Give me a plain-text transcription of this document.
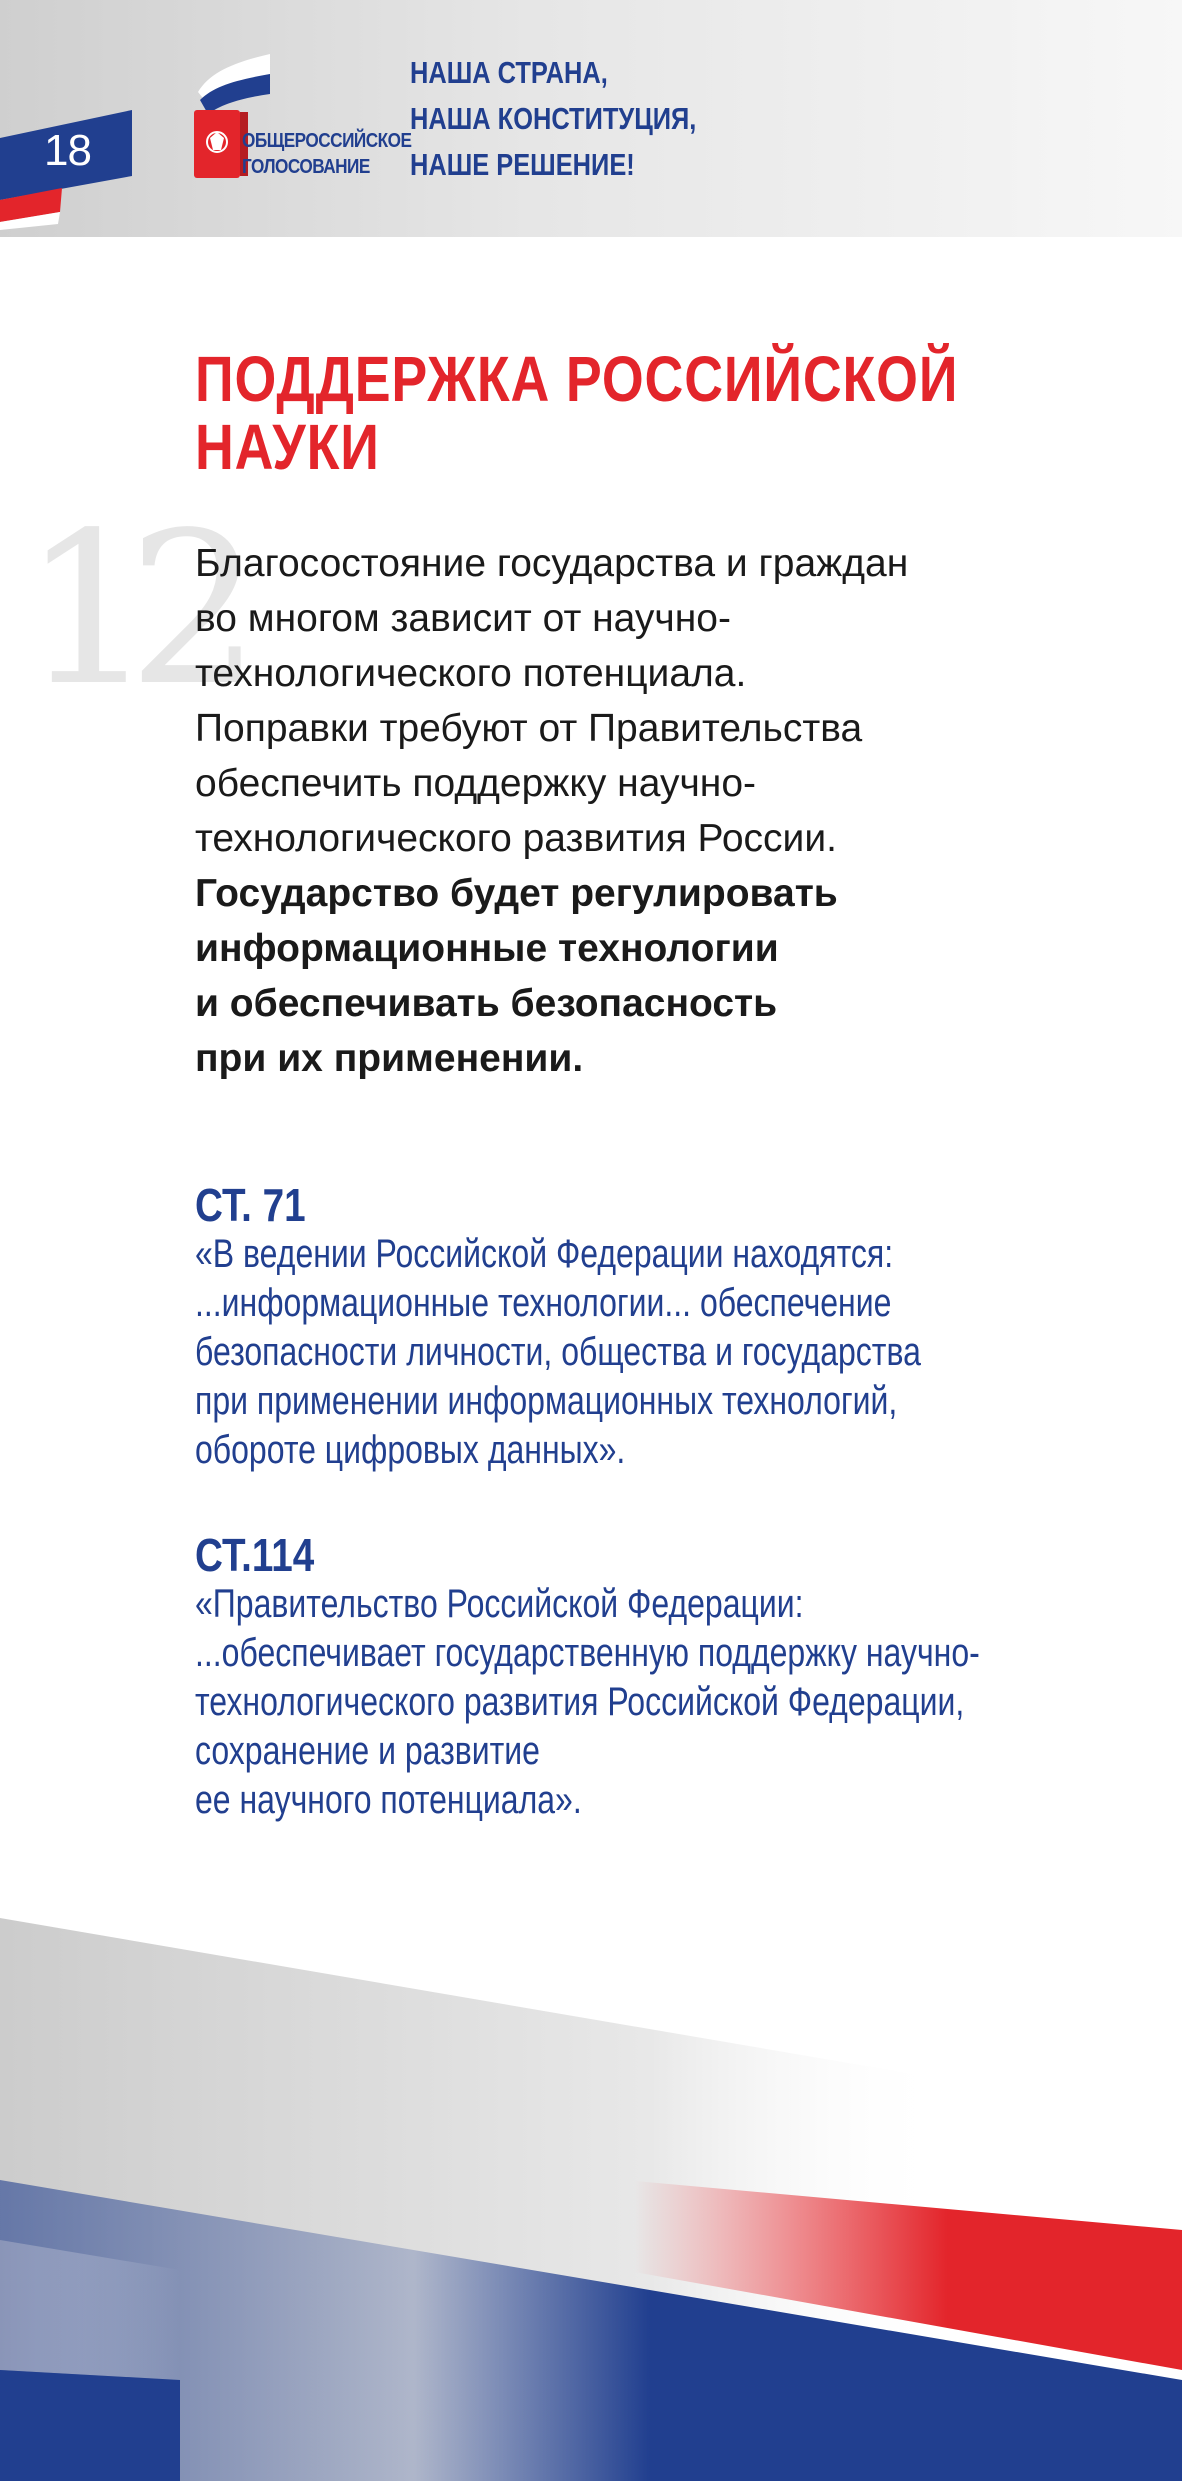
18	ОБЩЕРОССИЙСКОЕ
ГОЛОСОВАНИЕ
НАША СТРАНА,
НАША КОНСТИТУЦИЯ,
НАШЕ РЕШЕНИЕ!
ПОДДЕРЖКА РОССИЙСКОЙ
НАУКИ
12
Благосостояние государства и граждан
во многом зависит от научно-
технологического потенциала.
Поправки требуют от Правительства
обеспечить поддержку научно-
технологического развития России.
Государство будет регулировать
информационные технологии
и обеспечивать безопасность
при их применении.
СТ. 71
«В ведении Российской Федерации находятся:
...информационные технологии... обеспечение
безопасности личности, общества и государства
при применении информационных технологий,
обороте цифровых данных».
СТ.114
«Правительство Российской Федерации:
...обеспечивает государственную поддержку научно-
технологического развития Российской Федерации,
сохранение и развитие
ее научного потенциала».
